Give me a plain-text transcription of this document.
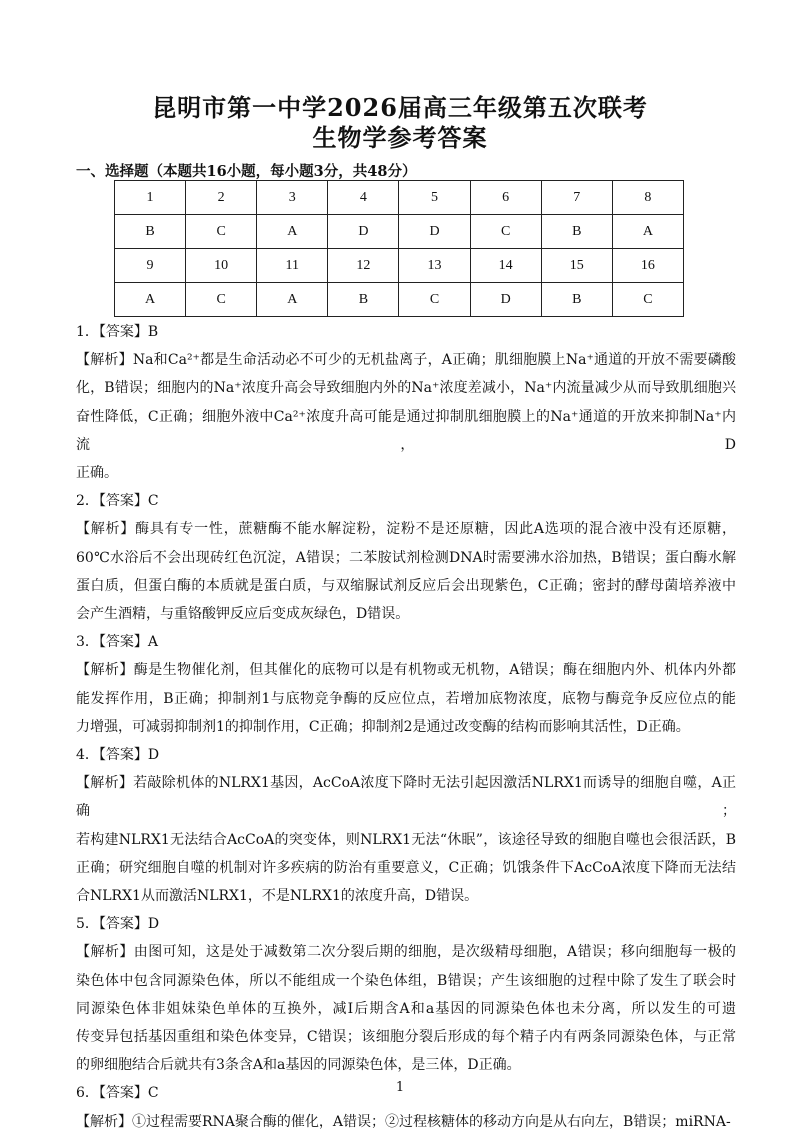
昆明市第一中学2026届高三年级第五次联考
生物学参考答案
一、选择题（本题共16小题，每小题3分，共48分）
1	2	3	4	5	6	7	8
B	C	A	D	D	C	B	A
9	10	11	12	13	14	15	16
A	C	A	B	C	D	B	C

1．【答案】B

【解析】Na和Ca²⁺都是生命活动必不可少的无机盐离子，A正确；肌细胞膜上Na⁺通道的开放不需要磷酸

化，B错误；细胞内的Na⁺浓度升高会导致细胞内外的Na⁺浓度差减小，Na⁺内流量减少从而导致肌细胞兴

奋性降低，C正确；细胞外液中Ca²⁺浓度升高可能是通过抑制肌细胞膜上的Na⁺通道的开放来抑制Na⁺内流，D

正确。

2．【答案】C

【解析】酶具有专一性，蔗糖酶不能水解淀粉，淀粉不是还原糖，因此A选项的混合液中没有还原糖，

60℃水浴后不会出现砖红色沉淀，A错误；二苯胺试剂检测DNA时需要沸水浴加热，B错误；蛋白酶水解

蛋白质，但蛋白酶的本质就是蛋白质，与双缩脲试剂反应后会出现紫色，C正确；密封的酵母菌培养液中

会产生酒精，与重铬酸钾反应后变成灰绿色，D错误。

3．【答案】A

【解析】酶是生物催化剂，但其催化的底物可以是有机物或无机物，A错误；酶在细胞内外、机体内外都

能发挥作用，B正确；抑制剂1与底物竞争酶的反应位点，若增加底物浓度，底物与酶竞争反应位点的能

力增强，可减弱抑制剂1的抑制作用，C正确；抑制剂2是通过改变酶的结构而影响其活性，D正确。

4．【答案】D

【解析】若敲除机体的NLRX1基因，AcCoA浓度下降时无法引起因激活NLRX1而诱导的细胞自噬，A正确；

若构建NLRX1无法结合AcCoA的突变体，则NLRX1无法“休眠”，该途径导致的细胞自噬也会很活跃，B

正确；研究细胞自噬的机制对许多疾病的防治有重要意义，C正确；饥饿条件下AcCoA浓度下降而无法结

合NLRX1从而激活NLRX1，不是NLRX1的浓度升高，D错误。

5．【答案】D

【解析】由图可知，这是处于减数第二次分裂后期的细胞，是次级精母细胞，A错误；移向细胞每一极的

染色体中包含同源染色体，所以不能组成一个染色体组，B错误；产生该细胞的过程中除了发生了联会时

同源染色体非姐妹染色单体的互换外，减Ⅰ后期含A和a基因的同源染色体也未分离，所以发生的可遗

传变异包括基因重组和染色体变异，C错误；该细胞分裂后形成的每个精子内有两条同源染色体，与正常

的卵细胞结合后就共有3条含A和a基因的同源染色体，是三体，D正确。

6．【答案】C

【解析】①过程需要RNA聚合酶的催化，A错误；②过程核糖体的移动方向是从右向左，B错误；miRNA-

1
